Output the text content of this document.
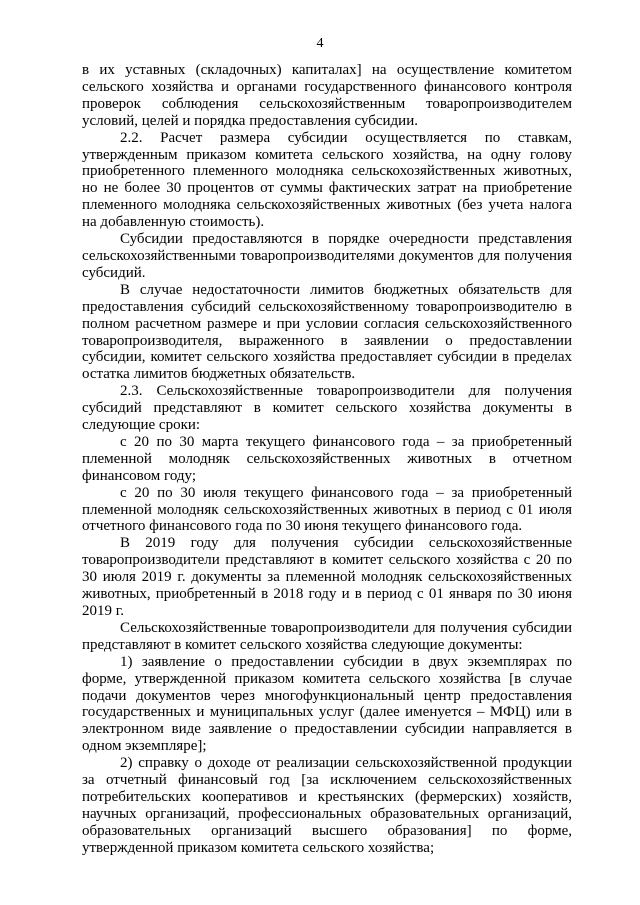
4

в их уставных (складочных) капиталах] на осуществление комитетом сельского хозяйства и органами государственного финансового контроля проверок соблюдения сельскохозяйственным товаропроизводителем условий, целей и порядка предоставления субсидии.

2.2. Расчет размера субсидии осуществляется по ставкам, утвержденным приказом комитета сельского хозяйства, на одну голову приобретенного племенного молодняка сельскохозяйственных животных, но не более 30 процентов от суммы фактических затрат на приобретение племенного молодняка сельскохозяйственных животных (без учета налога на добавленную стоимость).

Субсидии предоставляются в порядке очередности представления сельскохозяйственными товаропроизводителями документов для получения субсидий.

В случае недостаточности лимитов бюджетных обязательств для предоставления субсидий сельскохозяйственному товаропроизводителю в полном расчетном размере и при условии согласия сельскохозяйственного товаропроизводителя, выраженного в заявлении о предоставлении субсидии, комитет сельского хозяйства предоставляет субсидии в пределах остатка лимитов бюджетных обязательств.

2.3. Сельскохозяйственные товаропроизводители для получения субсидий представляют в комитет сельского хозяйства документы в следующие сроки:

с 20 по 30 марта текущего финансового года – за приобретенный племенной молодняк сельскохозяйственных животных в отчетном финансовом году;

с 20 по 30 июля текущего финансового года – за приобретенный племенной молодняк сельскохозяйственных животных в период с 01 июля отчетного финансового года по 30 июня текущего финансового года.

В 2019 году для получения субсидии сельскохозяйственные товаропроизводители представляют в комитет сельского хозяйства с 20 по 30 июля 2019 г. документы за племенной молодняк сельскохозяйственных животных, приобретенный в 2018 году и в период с 01 января по 30 июня 2019 г.

Сельскохозяйственные товаропроизводители для получения субсидии представляют в комитет сельского хозяйства следующие документы:

1) заявление о предоставлении субсидии в двух экземплярах по форме, утвержденной приказом комитета сельского хозяйства [в случае подачи документов через многофункциональный центр предоставления государственных и муниципальных услуг (далее именуется – МФЦ) или в электронном виде заявление о предоставлении субсидии направляется в одном экземпляре];

2) справку о доходе от реализации сельскохозяйственной продукции за отчетный финансовый год [за исключением сельскохозяйственных потребительских кооперативов и крестьянских (фермерских) хозяйств, научных организаций, профессиональных образовательных организаций, образовательных организаций высшего образования] по форме, утвержденной приказом комитета сельского хозяйства;
